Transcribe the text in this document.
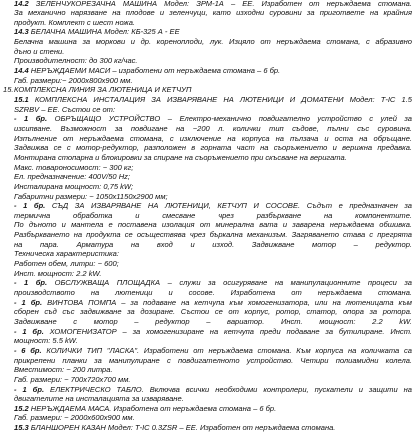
14.2 ЗЕЛЕНЧУКОРЕЗАЧНА МАШИНА Модел: ЗРМ-1А – ЕЕ. Изработен от неръждаема стомана.
За механично нарязване на плодове и зеленчуци, като изходни суровини за пригответе на крайния
продукт. Комплект с шест ножа.
14.3 БЕЛАЧНА МАШИНА Модел: КБ-325 А - ЕЕ
Белачна машина за моркови и др. кореноплоди, лук. Изцяло от неръждаема стомана, с абразивно
дъно и стени.
Производителност: до 300 кг/час.
14.4 НЕРЪЖДАЕМИ МАСИ – изработени от неръждаема стомана – 6 бр.
Габ. размери:~ 2000x800x900 мм.
КОМПЛЕКСНА ЛИНИЯ ЗА ЛЮТЕНИЦА И КЕТЧУП
15.
15.1 КОМПЛЕКСНА ИНСТАЛАЦИЯ ЗА ИЗВАРЯВАНЕ НА ЛЮТЕНИЦИ И ДОМАТЕНИ Модел: Т-IC 1.5
SZRBV – ЕЕ. Състои се от:
- 1 бр. ОБРЪЩАЩО УСТРОЙСТВО – Електро-механично повдигателно устройство с улей за
изсипване. Възможност за повдигане на ~200 л. колички тип съдове, пълни със суровина.
Изпълнение от неръждаема стомана, с изключение на корпуса на пълзача и оста на обръщане.
Задвижва се с мотор-редуктор, разположен в горната част на съоръжението и верижна предавка.
Монтирана стопарна и блокировки за спиране на съоръжението при скъсване на веригата.
Макс. товароносимост: ~ 300 кг;
Ел. предназначение: 400V/50 Hz;
Инсталирана мощност: 0,75 kW;
Габаритни размери: ~ 1050x1150x2900 мм;
- 1 бр. СЪД ЗА ИЗВАРЯВАНЕ НА ЛЮТЕНИЦИ, КЕТЧУП И СОСОВЕ. Съдът е предназначен за
термична обработка и смесване чрез разбъркване на компонентите.
По дъното и мантела е поставена изолация от минерална вата и заварена неръждаема обшивка.
Разбъркването на продукта се осъществява чрез бъркална механизъм. Загряването става с прегрята
на пара. Арматура на вход и изход. Задвижване мотор – редуктор.
Техническа характеристика:
Работен обем, литри: ~ 600;
Инст. мощност: 2.2 kW.
- 1 бр. ОБСЛУЖВАЩА ПЛОЩАДКА – служи за осигуряване на манипулационните процеси за
производството на лютеници и сосове. Изработена от неръждаема стомана.
- 1 бр. ВИНТОВА ПОМПА – за подаване на кетчупа към хомогенизатора, или на лютеницата към
сборен съд със задвижване за дозиране. Състои се от корпус, ротор, статор, опора за ротора.
Задвижване с мотор – редуктор – вариатор. Инст. мощност: 2.2 kW.
- 1 бр. ХОМОГЕНИЗАТОР – за хомогенизиране на кетчупа преди подаване за бутилиране. Инст.
мощност: 5.5 kW.
- 6 бр. КОЛИЧКИ ТИП "ЛАСКА". Изработени от неръждаема стомана. Към корпуса на количката са
прикрепени планки за манипулиране с повдигателното устройство. Четири полиамидни колела.
Вместимост: ~ 200 литра.
Габ. размери: ~ 700x720x700 мм.
- 1 бр. ЕЛЕКТРИЧЕСКО ТАБЛО. Включва всички необходими контролери, пускатели и защити на
двигателите на инсталацията за изваряване.
15.2 НЕРЪЖДАЕМА МАСА. Изработена от неръждаема стомана – 6 бр.
Габ. размери: ~ 2000x600x900 мм.
15.3 БЛАНШОРЕН КАЗАН Модел: Т-IC 0.3ZSR – ЕЕ. Изработен от неръждаема стомана.
